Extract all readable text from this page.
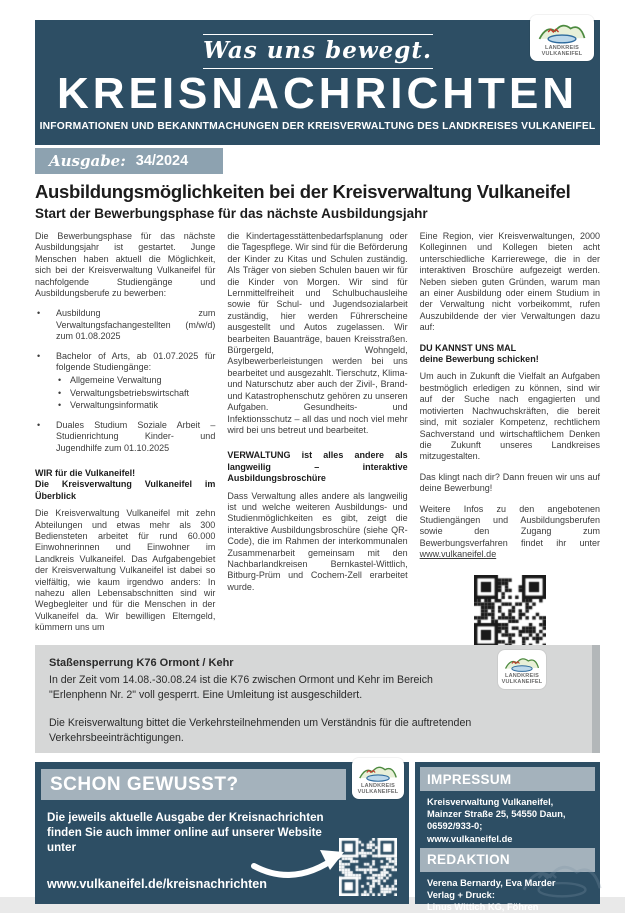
Was uns bewegt.
KREISNACHRICHTEN
INFORMATIONEN UND BEKANNTMACHUNGEN DER KREISVERWALTUNG DES LANDKREISES VULKANEIFEL
LANDKREIS
VULKANEIFEL
Ausgabe: 34/2024
Ausbildungsmöglichkeiten bei der Kreisverwaltung Vulkaneifel
Start der Bewerbungsphase für das nächste Ausbildungsjahr

Die Bewerbungsphase für das nächste Ausbildungsjahr ist gestartet. Junge Menschen haben aktuell die Möglichkeit, sich bei der Kreisverwaltung Vulkaneifel für nachfolgende Studiengänge und Ausbildungsberufe zu bewerben:

• Ausbildung zum Verwaltungsfachangestellten (m/w/d) zum 01.08.2025
• Bachelor of Arts, ab 01.07.2025 für folgende Studiengänge:
• Allgemeine Verwaltung
• Verwaltungsbetriebswirtschaft
• Verwaltungsinformatik
• Duales Studium Soziale Arbeit – Studienrichtung Kinder- und Jugendhilfe zum 01.10.2025
WIR für die Vulkaneifel!
Die Kreisverwaltung Vulkaneifel im Überblick

Die Kreisverwaltung Vulkaneifel mit zehn Abteilungen und etwas mehr als 300 Bediensteten arbeitet für rund 60.000 Einwohnerinnen und Einwohner im Landkreis Vulkaneifel. Das Aufgabengebiet der Kreisverwaltung Vulkaneifel ist dabei so vielfältig, wie kaum irgendwo anders: In nahezu allen Lebensabschnitten sind wir Wegbegleiter und für die Menschen in der Vulkaneifel da. Wir bewilligen Elterngeld, kümmern uns um

die Kindertagesstättenbedarfsplanung oder die Tagespflege. Wir sind für die Beförderung der Kinder zu Kitas und Schulen zuständig. Als Träger von sieben Schulen bauen wir für die Kinder von Morgen. Wir sind für Lernmittelfreiheit und Schulbuchausleihe sowie für Schul- und Jugendsozialarbeit zuständig, hier werden Führerscheine ausgestellt und Autos zugelassen. Wir bearbeiten Bauanträge, bauen Kreisstraßen. Bürgergeld, Wohngeld, Asylbewerberleistungen werden bei uns bearbeitet und ausgezahlt. Tierschutz, Klima- und Naturschutz aber auch der Zivil-, Brand- und Katastrophenschutz gehören zu unseren Aufgaben. Gesundheits- und Infektionsschutz – all das und noch viel mehr wird bei uns betreut und bearbeitet.

VERWALTUNG ist alles andere als langweilig – interaktive Ausbildungsbroschüre

Dass Verwaltung alles andere als langweilig ist und welche weiteren Ausbildungs- und Studienmöglichkeiten es gibt, zeigt die interaktive Ausbildungsbroschüre (siehe QR-Code), die im Rahmen der interkommunalen Zusammenarbeit gemeinsam mit den Nachbarlandkreisen Bernkastel-Wittlich, Bitburg-Prüm und Cochem-Zell erarbeitet wurde.

Eine Region, vier Kreisverwaltungen, 2000 Kolleginnen und Kollegen bieten acht unterschiedliche Karrierewege, die in der interaktiven Broschüre aufgezeigt werden. Neben sieben guten Gründen, warum man an einer Ausbildung oder einem Studium in der Verwaltung nicht vorbeikommt, rufen Auszubildende der vier Verwaltungen dazu auf:

DU KANNST UNS MAL
deine Bewerbung schicken!

Um auch in Zukunft die Vielfalt an Aufgaben bestmöglich erledigen zu können, sind wir auf der Suche nach engagierten und motivierten Nachwuchskräften, die bereit sind, mit sozialer Kompetenz, rechtlichem Sachverstand und wirtschaftlichem Denken die Zukunft unseres Landkreises mitzugestalten.

Das klingt nach dir? Dann freuen wir uns auf deine Bewerbung!

Weitere Infos zu den angebotenen Studiengängen und Ausbildungsberufen sowie den Zugang zum Bewerbungsverfahren findet ihr unter www.vulkaneifel.de

Staßensperrung K76 Ormont / Kehr
In der Zeit vom 14.08.-30.08.24 ist die K76 zwischen Ormont und Kehr im Bereich "Erlenphenn Nr. 2" voll gesperrt. Eine Umleitung ist ausgeschildert.
Die Kreisverwaltung bittet die Verkehrsteilnehmenden um Verständnis für die auftretenden Verkehrsbeeinträchtigungen.
LANDKREIS
VULKANEIFEL
SCHON GEWUSST?	LANDKREIS
VULKANEIFEL
Die jeweils aktuelle Ausgabe der Kreisnachrichten finden Sie auch immer online auf unserer Website unter
www.vulkaneifel.de/kreisnachrichten
IMPRESSUM
Kreisverwaltung Vulkaneifel,
Mainzer Straße 25, 54550 Daun,
06592/933-0;
www.vulkaneifel.de
REDAKTION
Verena Bernardy, Eva Marder
Verlag + Druck:
Linus Wittich KG, Föhren
